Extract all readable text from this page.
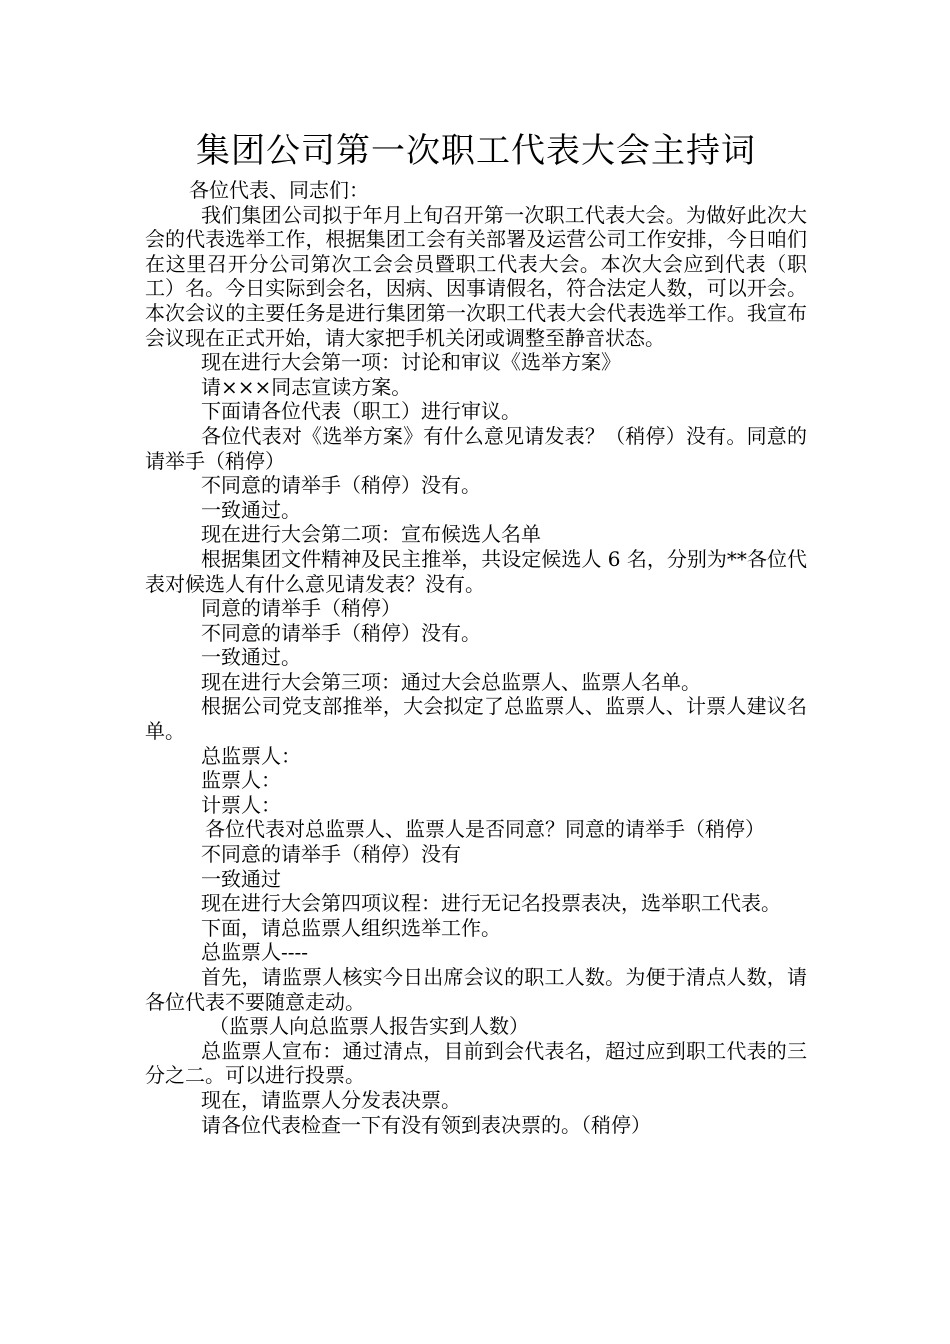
集团公司第一次职工代表大会主持词

各位代表、同志们：

我们集团公司拟于年月上旬召开第一次职工代表大会。为做好此次大会的代表选举工作，根据集团工会有关部署及运营公司工作安排，今日咱们在这里召开分公司第次工会会员暨职工代表大会。本次大会应到代表（职工）名。今日实际到会名，因病、因事请假名，符合法定人数，可以开会。本次会议的主要任务是进行集团第一次职工代表大会代表选举工作。我宣布会议现在正式开始，请大家把手机关闭或调整至静音状态。

现在进行大会第一项：讨论和审议《选举方案》

请×××同志宣读方案。

下面请各位代表（职工）进行审议。

各位代表对《选举方案》有什么意见请发表？（稍停）没有。同意的请举手（稍停）

不同意的请举手（稍停）没有。

一致通过。

现在进行大会第二项：宣布候选人名单

根据集团文件精神及民主推举，共设定候选人 6 名，分别为**各位代表对候选人有什么意见请发表？没有。

同意的请举手（稍停）

不同意的请举手（稍停）没有。

一致通过。

现在进行大会第三项：通过大会总监票人、监票人名单。

根据公司党支部推举，大会拟定了总监票人、监票人、计票人建议名单。

总监票人：

监票人：

计票人：

各位代表对总监票人、监票人是否同意？同意的请举手（稍停）

不同意的请举手（稍停）没有

一致通过

现在进行大会第四项议程：进行无记名投票表决，选举职工代表。

下面，请总监票人组织选举工作。

总监票人----

首先，请监票人核实今日出席会议的职工人数。为便于清点人数，请各位代表不要随意走动。

（监票人向总监票人报告实到人数）

总监票人宣布：通过清点，目前到会代表名，超过应到职工代表的三分之二。可以进行投票。

现在，请监票人分发表决票。

请各位代表检查一下有没有领到表决票的。（稍停）
